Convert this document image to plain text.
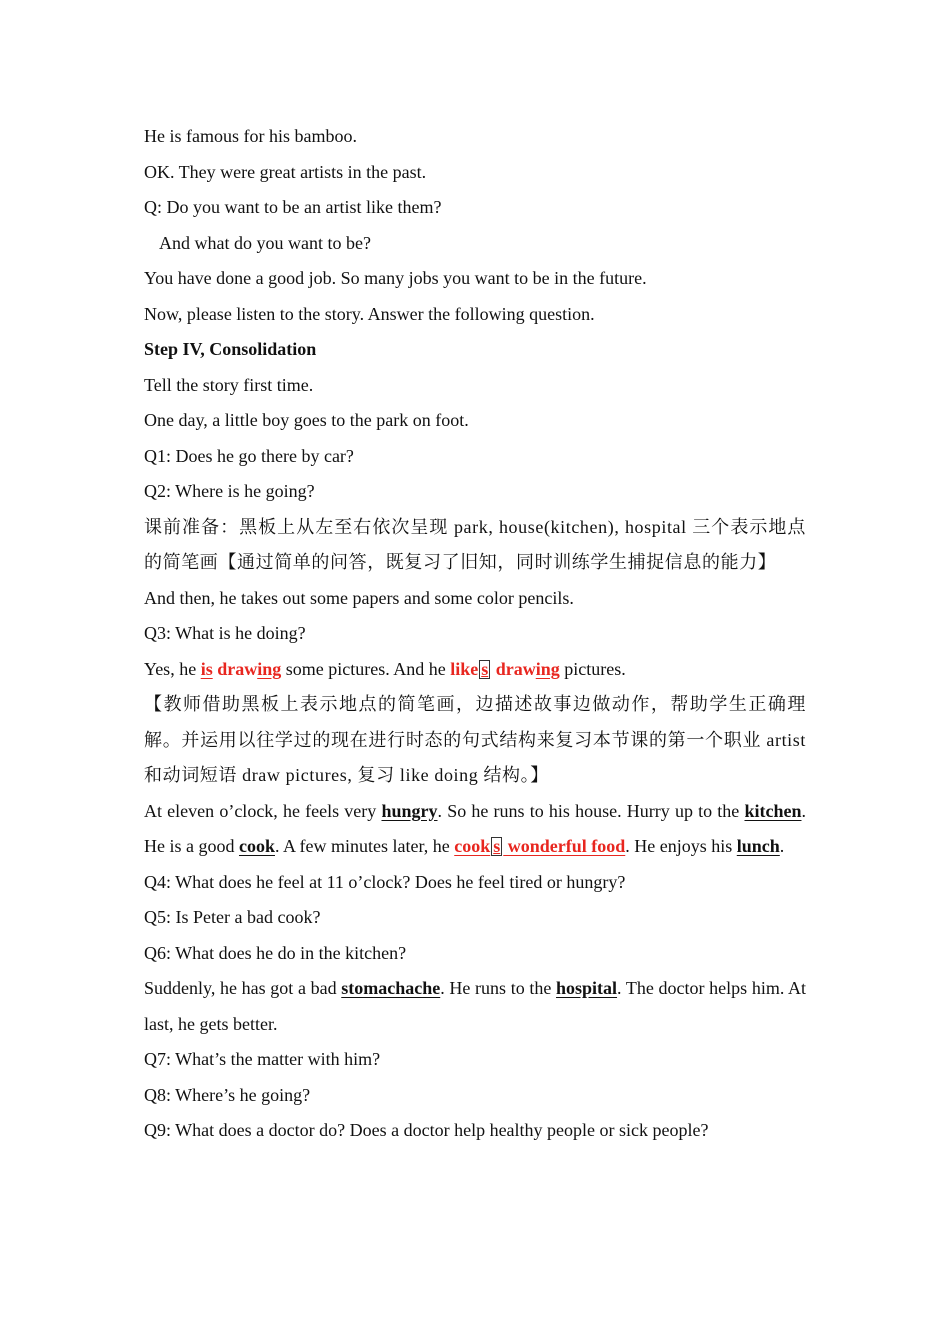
He is famous for his bamboo.
OK. They were great artists in the past.
Q: Do you want to be an artist like them?
And what do you want to be?
You have done a good job. So many jobs you want to be in the future.
Now, please listen to the story. Answer the following question.
Step IV, Consolidation
Tell the story first time.
One day, a little boy goes to the park on foot.
Q1: Does he go there by car?
Q2: Where is he going?
课前准备：黑板上从左至右依次呈现 park, house(kitchen), hospital 三个表示地点的简笔画【通过简单的问答，既复习了旧知，同时训练学生捕捉信息的能力】
And then, he takes out some papers and some color pencils.
Q3: What is he doing?
Yes, he is drawing some pictures. And he like s drawing pictures.
【教师借助黑板上表示地点的简笔画，边描述故事边做动作，帮助学生正确理解。并运用以往学过的现在进行时态的句式结构来复习本节课的第一个职业 artist 和动词短语 draw pictures, 复习 like doing 结构。】
At eleven o’clock, he feels very hungry. So he runs to his house. Hurry up to the kitchen. He is a good cook. A few minutes later, he cook s wonderful food. He enjoys his lunch.
Q4: What does he feel at 11 o’clock? Does he feel tired or hungry?
Q5: Is Peter a bad cook?
Q6: What does he do in the kitchen?
Suddenly, he has got a bad stomachache. He runs to the hospital. The doctor helps him. At last, he gets better.
Q7: What’s the matter with him?
Q8: Where’s he going?
Q9: What does a doctor do? Does a doctor help healthy people or sick people?
